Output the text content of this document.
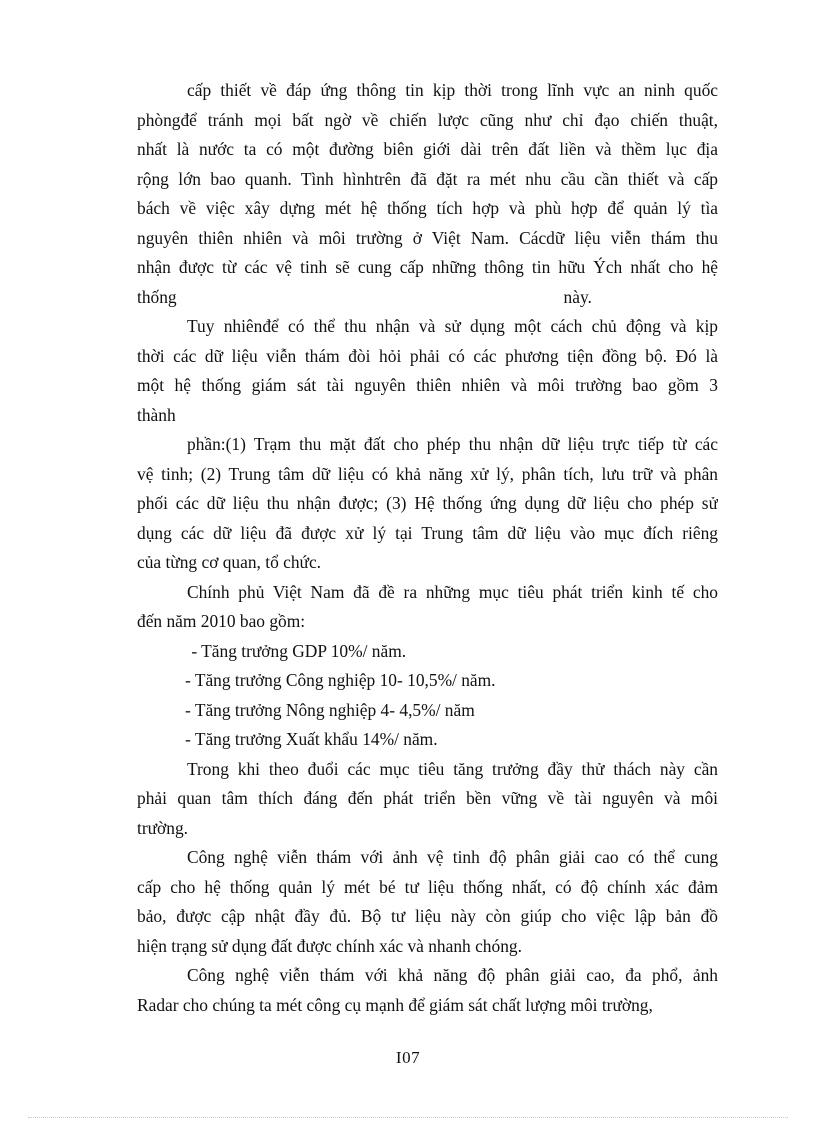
cấp thiết về đáp ứng thông tin kịp thời trong lĩnh vực an ninh quốc
phòngđể tránh mọi bất ngờ về chiến lược cũng như chỉ đạo chiến thuật,
nhất là nước ta có một đường biên giới dài trên đất liền và thềm lục địa
rộng lớn bao quanh. Tình hìnhtrên đã đặt ra mét nhu cầu cần thiết và cấp
bách về việc xây dựng mét hệ thống tích hợp và phù hợp để quản lý tìa
nguyên thiên nhiên và môi trường ở Việt Nam. Cácdữ liệu viễn thám thu
nhận được từ các vệ tinh sẽ cung cấp những thông tin hữu Ých nhất cho hệ
thống                                                                                         này.
Tuy nhiênđể có thể thu nhận và sử dụng một cách chủ động và kịp
thời các dữ liệu viễn thám đòi hỏi phải có các phương tiện đồng bộ. Đó là
một hệ thống giám sát tài nguyên thiên nhiên và môi trường bao gồm 3
thành
phần:(1) Trạm thu mặt đất cho phép thu nhận dữ liệu trực tiếp từ các
vệ tinh; (2) Trung tâm dữ liệu có khả năng xử lý, phân tích, lưu trữ và phân
phối các dữ liệu thu nhận được; (3) Hệ thống ứng dụng dữ liệu cho phép sử
dụng các dữ liệu đã được xử lý tại Trung tâm dữ liệu vào mục đích riêng
của từng cơ quan, tổ chức.
Chính phủ Việt Nam đã đề ra những mục tiêu phát triển kinh tế cho
đến năm 2010 bao gồm:
- Tăng trưởng GDP 10%/ năm.
- Tăng trưởng Công nghiệp 10- 10,5%/ năm.
- Tăng trưởng Nông nghiệp 4- 4,5%/ năm
- Tăng trưởng Xuất khẩu 14%/ năm.
Trong khi theo đuổi các mục tiêu tăng trưởng đầy thử thách này cần
phải quan tâm thích đáng đến phát triển bền vững về tài nguyên và môi
trường.
Công nghệ viễn thám với ảnh vệ tinh độ phân giải cao có thể cung
cấp cho hệ thống quản lý mét bé tư liệu thống nhất, có độ chính xác đảm
bảo, được cập nhật đầy đủ. Bộ tư liệu này còn giúp cho việc lập bản đồ
hiện trạng sử dụng đất được chính xác và nhanh chóng.
Công nghệ viễn thám với khả năng độ phân giải cao, đa phổ, ảnh
Radar cho chúng ta mét công cụ mạnh để giám sát chất lượng môi trường,
I07
